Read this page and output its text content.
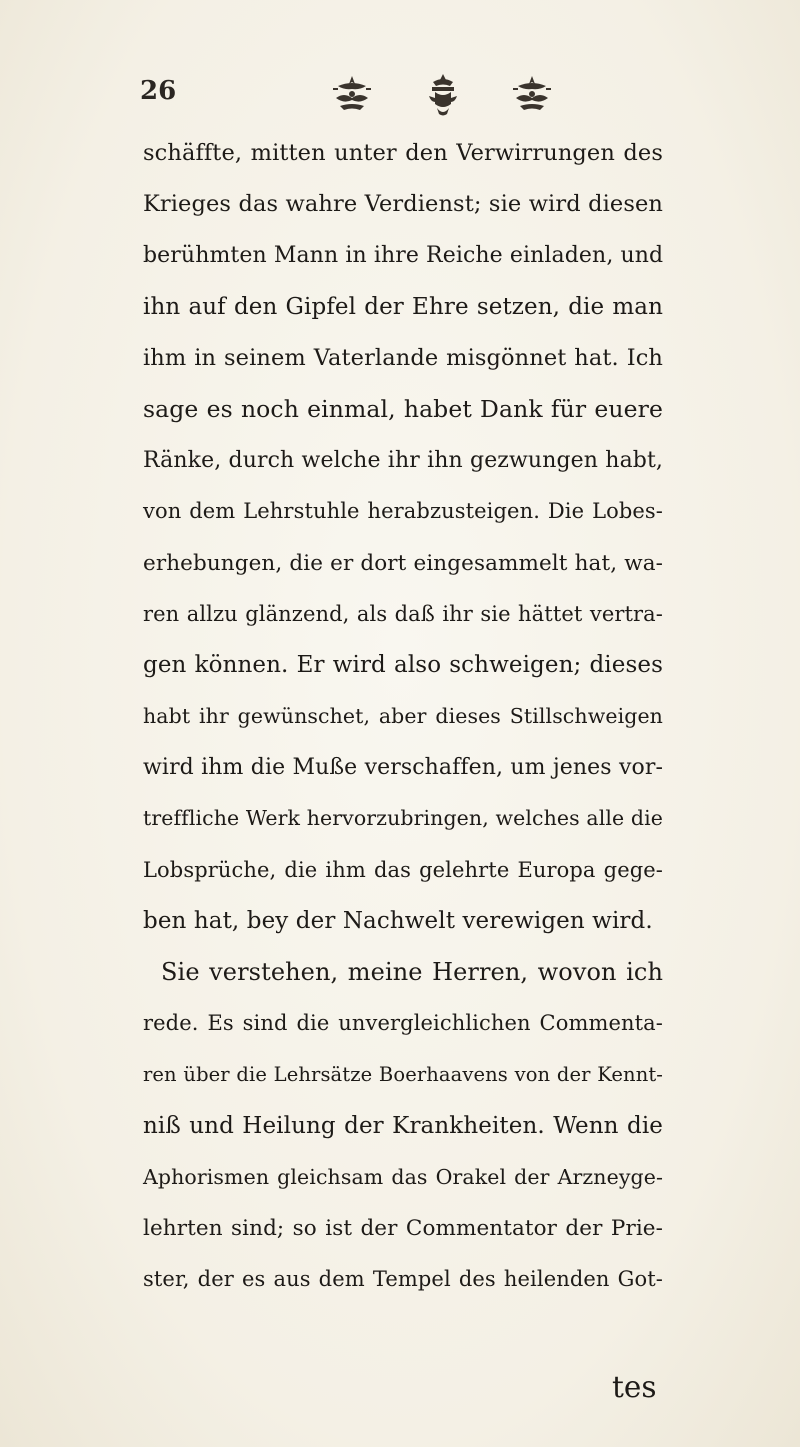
26
schäffte, mitten unter den Verwirrungen des
Krieges das wahre Verdienst; sie wird diesen
berühmten Mann in ihre Reiche einladen, und
ihn auf den Gipfel der Ehre setzen, die man
ihm in seinem Vaterlande misgönnet hat. Ich
sage es noch einmal, habet Dank für euere
Ränke, durch welche ihr ihn gezwungen habt,
von dem Lehrstuhle herabzusteigen. Die Lobes-
erhebungen, die er dort eingesammelt hat, wa-
ren allzu glänzend, als daß ihr sie hättet vertra-
gen können. Er wird also schweigen; dieses
habt ihr gewünschet, aber dieses Stillschweigen
wird ihm die Muße verschaffen, um jenes vor-
treffliche Werk hervorzubringen, welches alle die
Lobsprüche, die ihm das gelehrte Europa gege-
ben hat, bey der Nachwelt verewigen wird.
Sie verstehen, meine Herren, wovon ich
rede. Es sind die unvergleichlichen Commenta-
ren über die Lehrsätze Boerhaavens von der Kennt-
niß und Heilung der Krankheiten. Wenn die
Aphorismen gleichsam das Orakel der Arzneyge-
lehrten sind; so ist der Commentator der Prie-
ster, der es aus dem Tempel des heilenden Got-
tes
